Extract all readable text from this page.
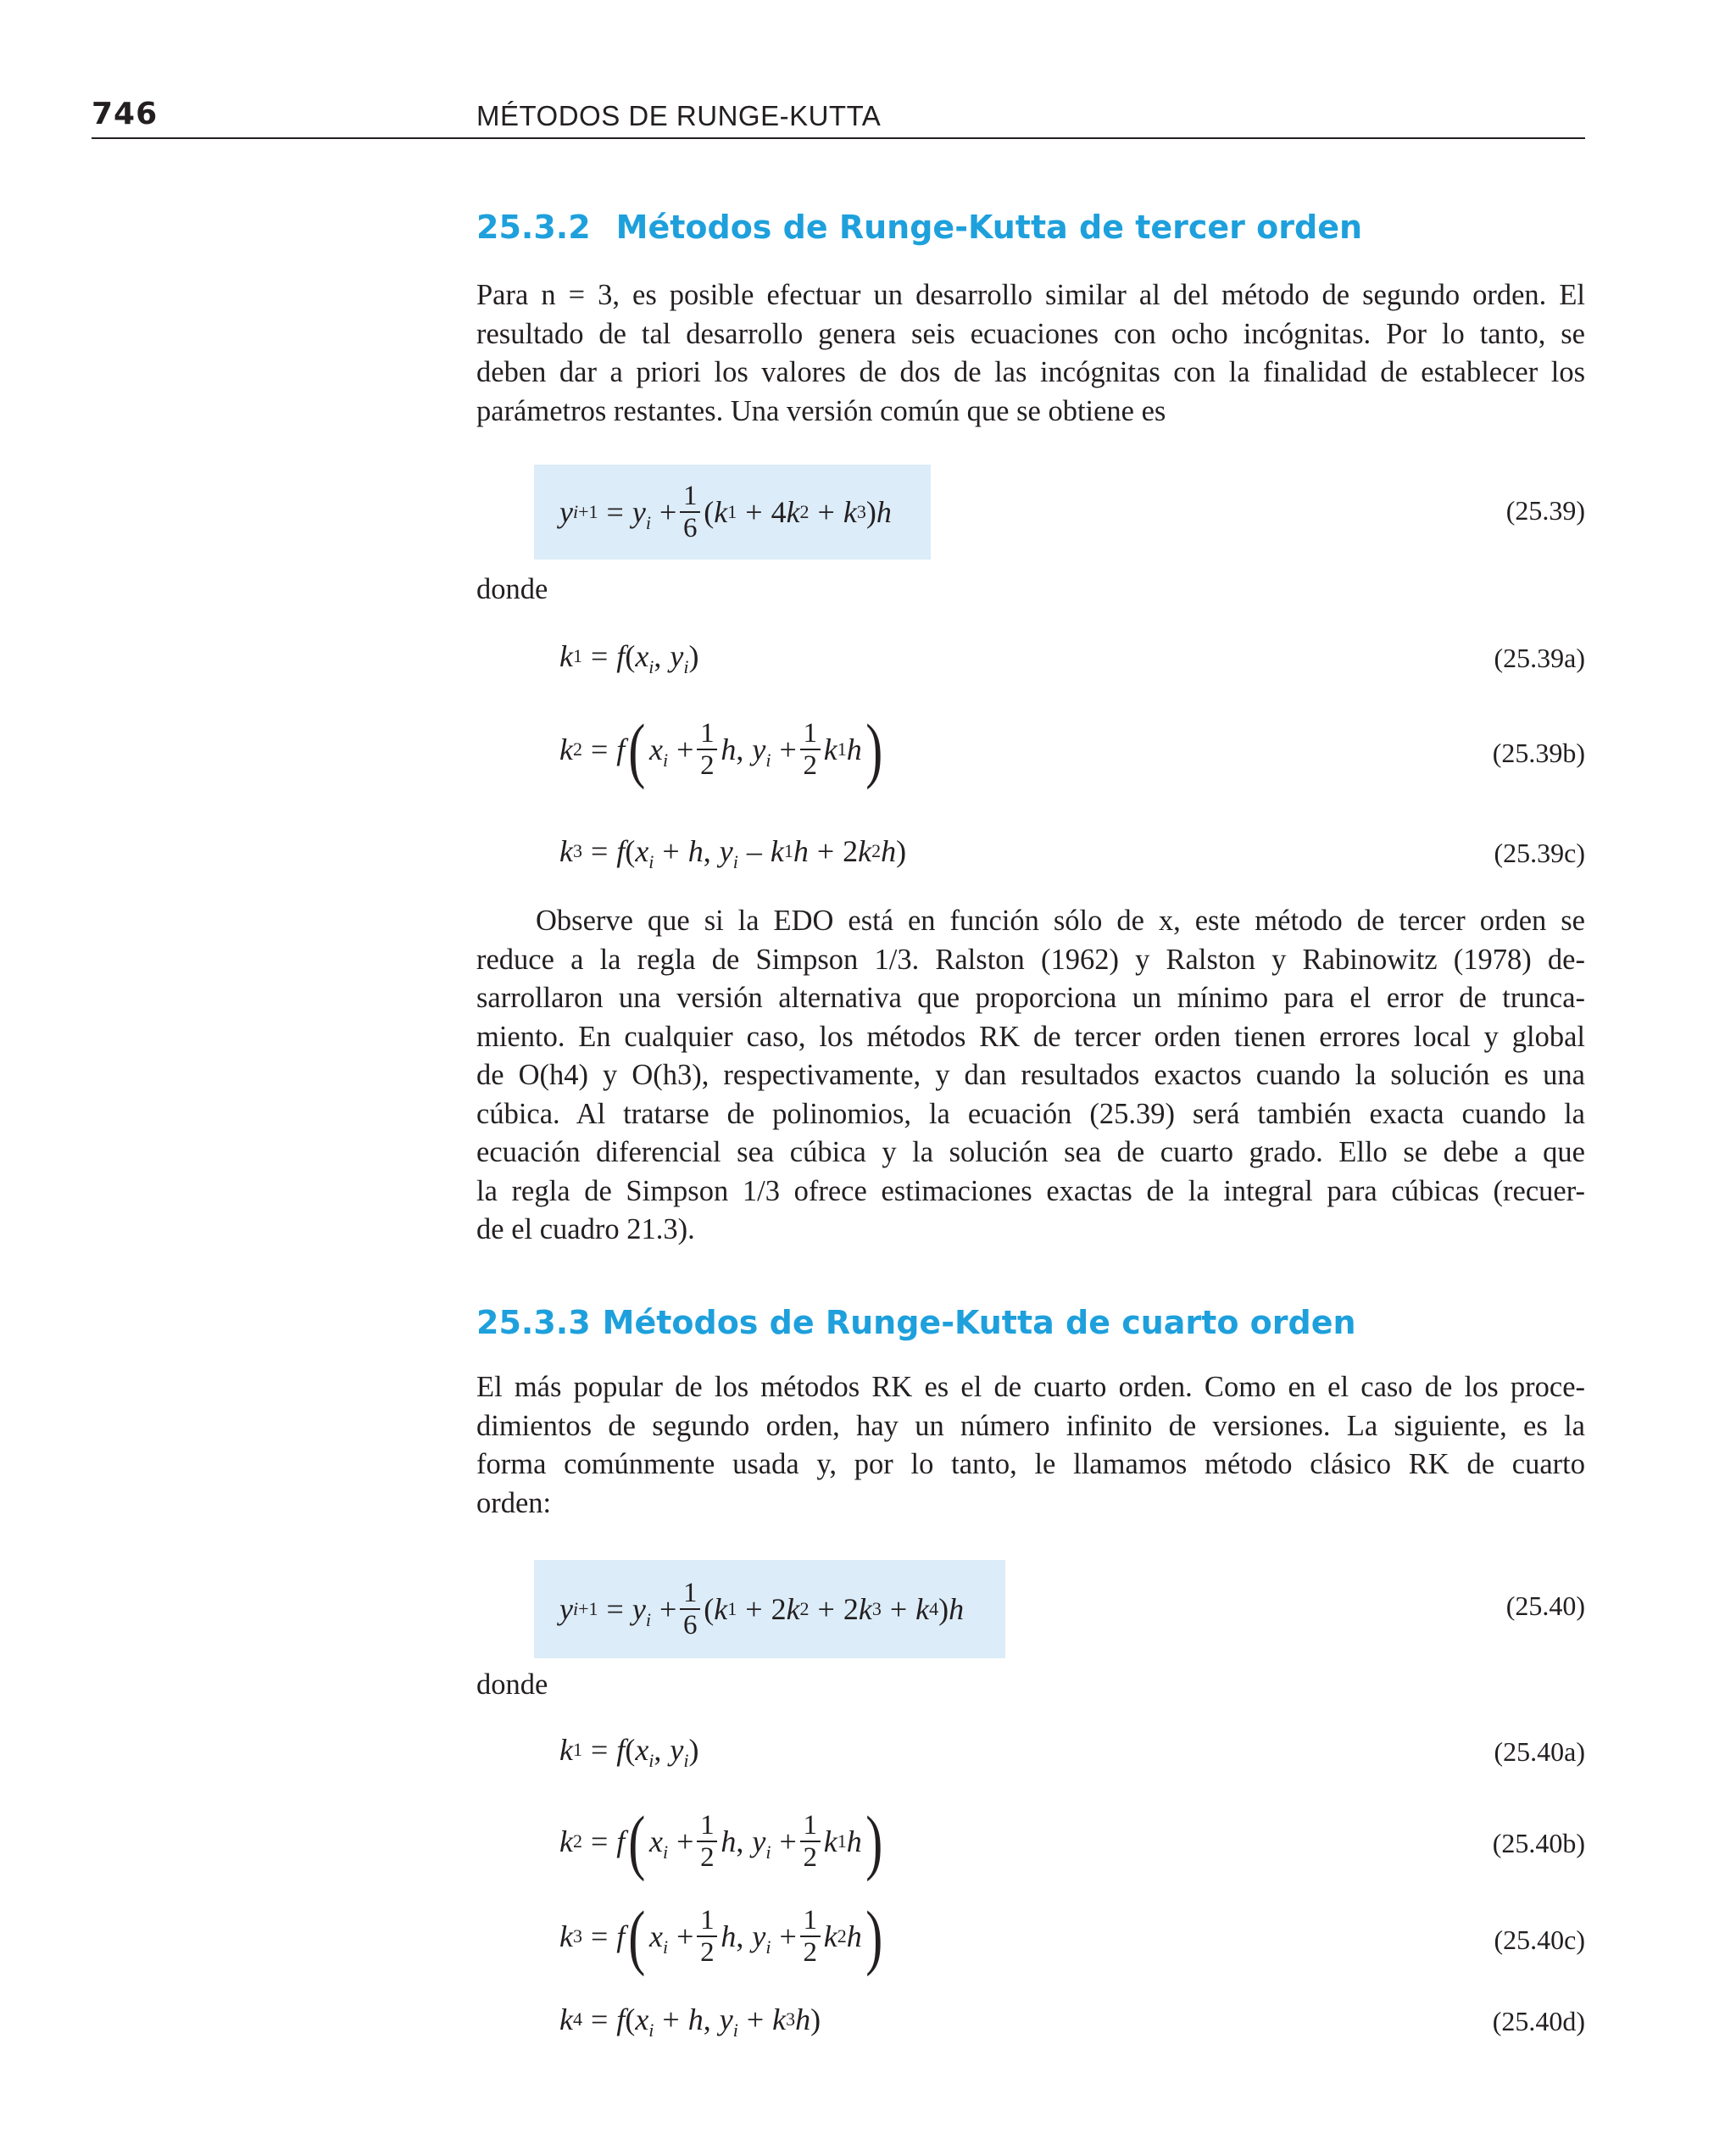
746	MÉTODOS DE RUNGE-KUTTA
25.3.2 Métodos de Runge-Kutta de tercer orden
Para n = 3, es posible efectuar un desarrollo similar al del método de segundo orden. El
resultado de tal desarrollo genera seis ecuaciones con ocho incógnitas. Por lo tanto, se
deben dar a priori los valores de dos de las incógnitas con la finalidad de establecer los
parámetros restantes. Una versión común que se obtiene es
y $i+1 = y_i + \frac{1}{6}$ ( k 1 + 4 k 2 + k 3 ) h	(25.39)
donde
k 1 = f ( $x_i$ , $y_i$ )	(25.39a)
k 2 = f ( $x_i + \frac{1}{2}$ h , $y_i + \frac{1}{2}$ k 1 h )	(25.39b)
k 3 = f ( $x_i + h$ , $y_i$ – k 1 h + 2 k 2 h )	(25.39c)
Observe que si la EDO está en función sólo de x, este método de tercer orden se
reduce a la regla de Simpson 1/3. Ralston (1962) y Ralston y Rabinowitz (1978) de-
sarrollaron una versión alternativa que proporciona un mínimo para el error de trunca-
miento. En cualquier caso, los métodos RK de tercer orden tienen errores local y global
de O(h4) y O(h3), respectivamente, y dan resultados exactos cuando la solución es una
cúbica. Al tratarse de polinomios, la ecuación (25.39) será también exacta cuando la
ecuación diferencial sea cúbica y la solución sea de cuarto grado. Ello se debe a que
la regla de Simpson 1/3 ofrece estimaciones exactas de la integral para cúbicas (recuer-
de el cuadro 21.3).
25.3.3 Métodos de Runge-Kutta de cuarto orden
El más popular de los métodos RK es el de cuarto orden. Como en el caso de los proce-
dimientos de segundo orden, hay un número infinito de versiones. La siguiente, es la
forma comúnmente usada y, por lo tanto, le llamamos método clásico RK de cuarto
orden:
y $i+1 = y_i + \frac{1}{6}$ ( k 1 + 2 k 2 + 2 k 3 + k 4 ) h	(25.40)
donde
k 1 = f ( $x_i$ , $y_i$ )	(25.40a)
k 2 = f ( $x_i + \frac{1}{2}$ h , $y_i + \frac{1}{2}$ k 1 h )	(25.40b)
k 3 = f ( $x_i + \frac{1}{2}$ h , $y_i + \frac{1}{2}$ k 2 h )	(25.40c)
k 4 = f ( $x_i + h$ , $y_i + k$ 3 h )	(25.40d)
